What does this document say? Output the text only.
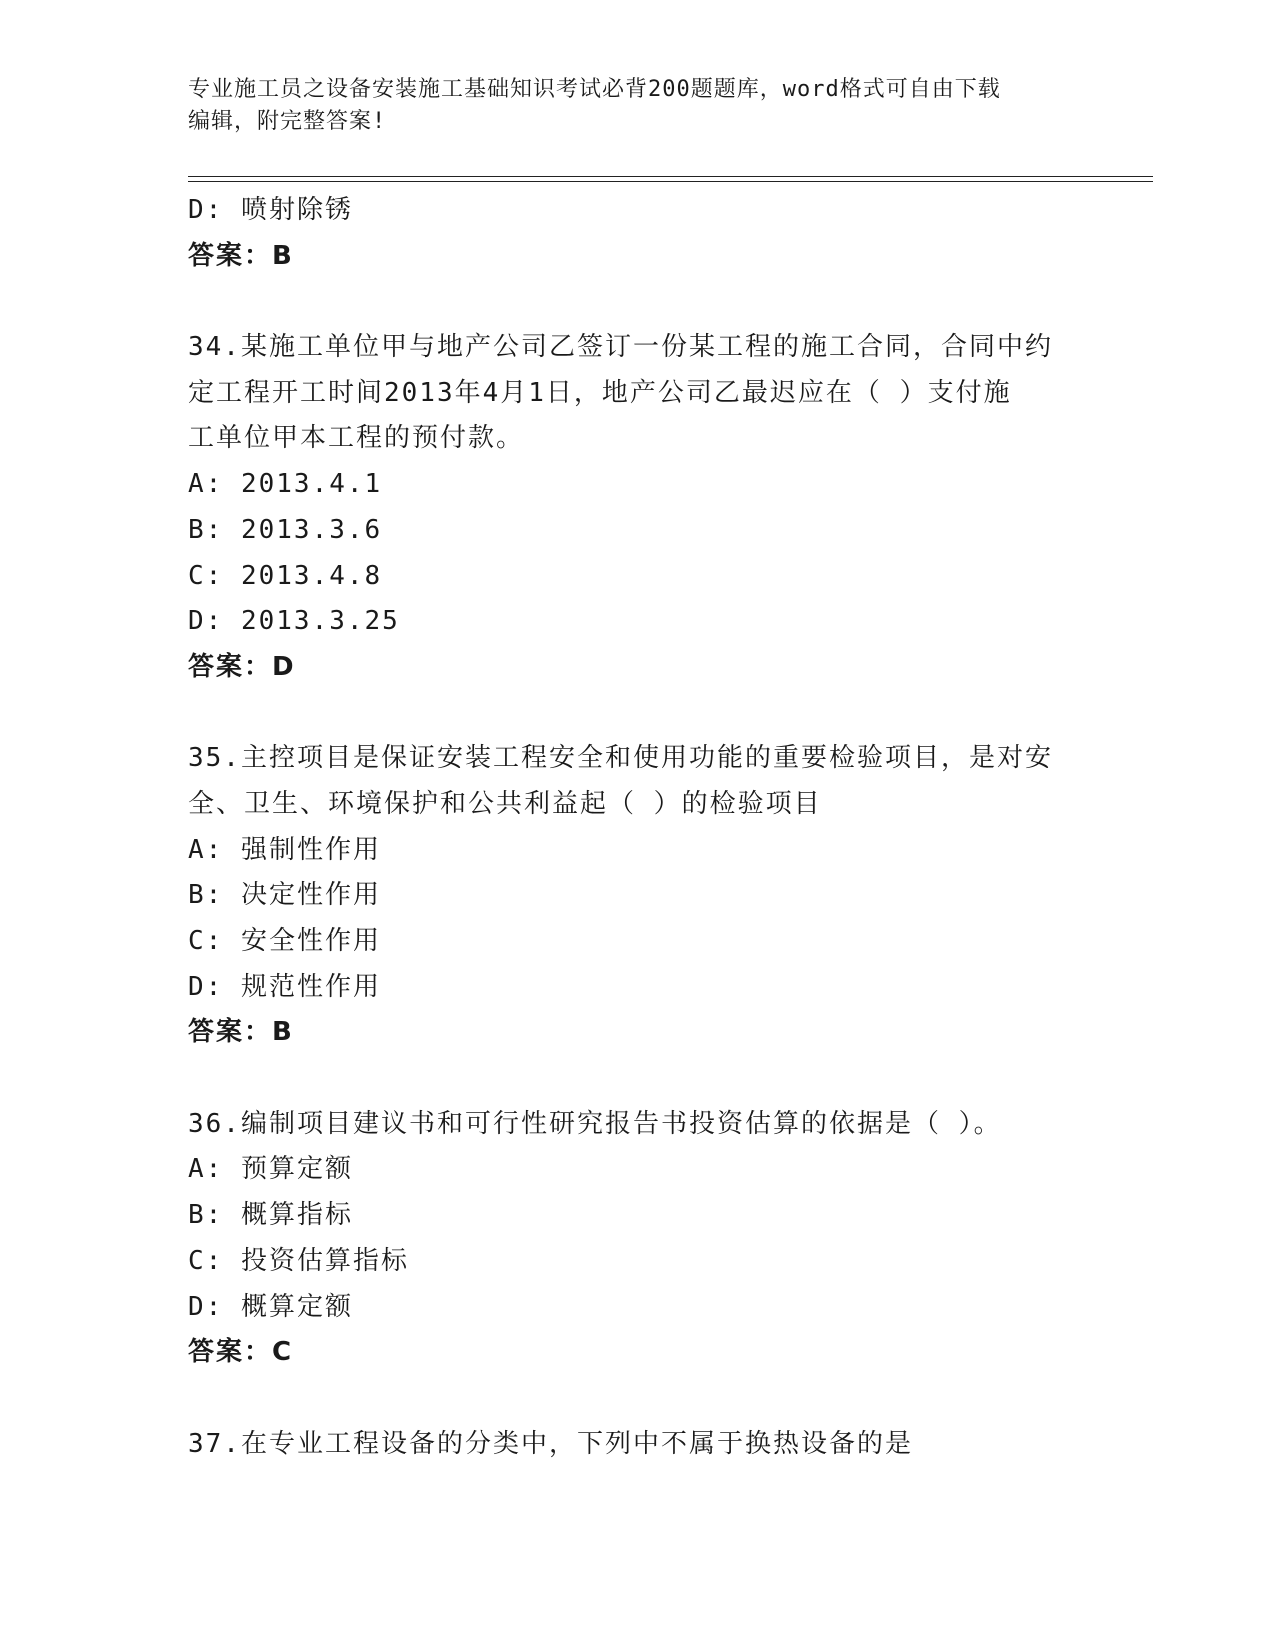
专业施工员之设备安装施工基础知识考试必背200题题库，word格式可自由下载
编辑，附完整答案!
D: 喷射除锈
答案：B
34.某施工单位甲与地产公司乙签订一份某工程的施工合同，合同中约
定工程开工时间2013年4月1日，地产公司乙最迟应在（ ）支付施
工单位甲本工程的预付款。
A: 2013.4.1
B: 2013.3.6
C: 2013.4.8
D: 2013.3.25
答案：D
35.主控项目是保证安装工程安全和使用功能的重要检验项目，是对安
全、卫生、环境保护和公共利益起（ ）的检验项目
A: 强制性作用
B: 决定性作用
C: 安全性作用
D: 规范性作用
答案：B
36.编制项目建议书和可行性研究报告书投资估算的依据是（ ）。
A: 预算定额
B: 概算指标
C: 投资估算指标
D: 概算定额
答案：C
37.在专业工程设备的分类中，下列中不属于换热设备的是
